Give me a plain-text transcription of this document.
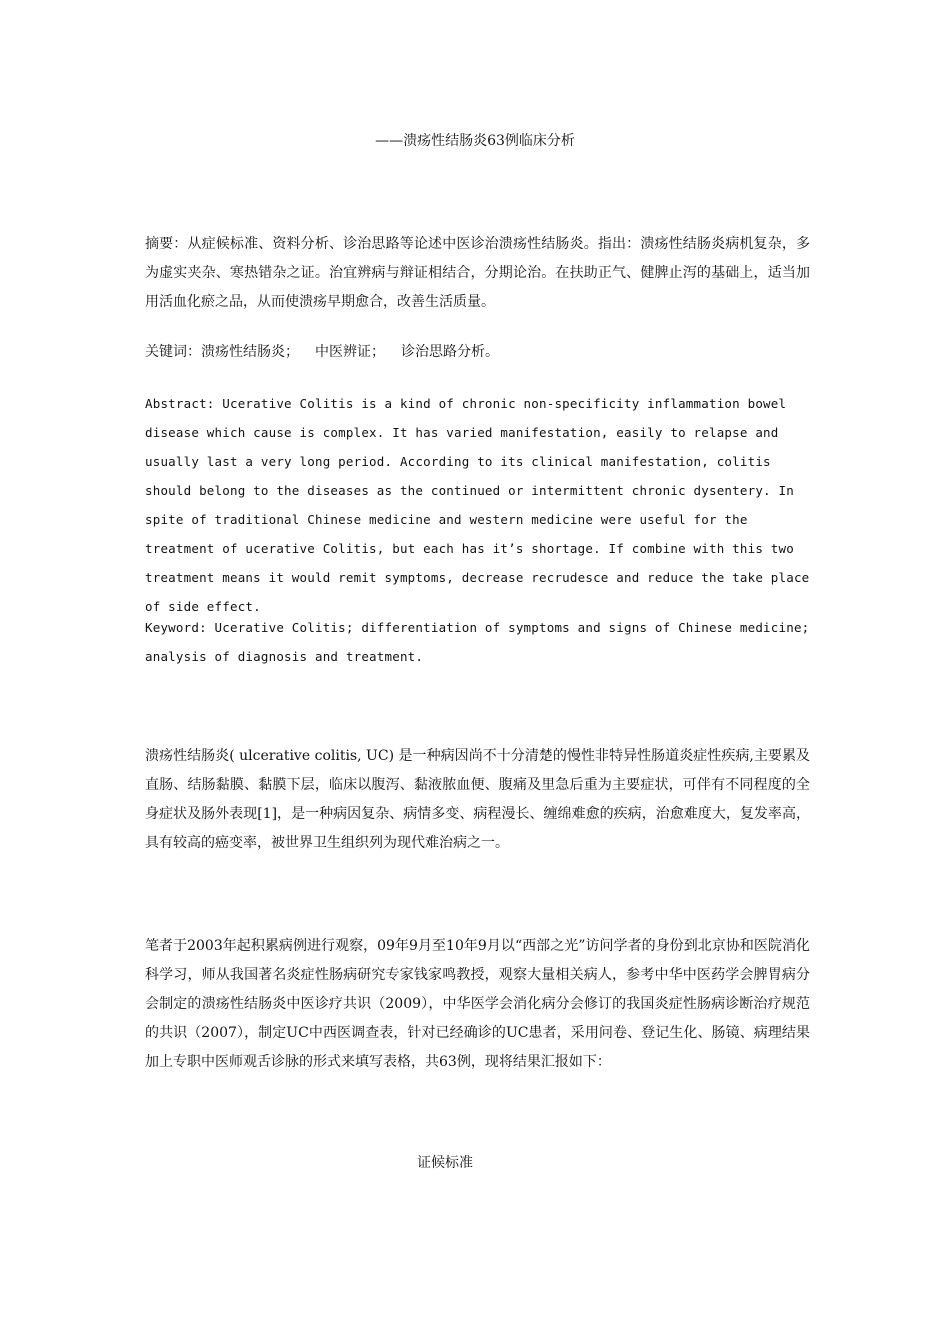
——溃疡性结肠炎63例临床分析

摘要：从症候标准、资料分析、诊治思路等论述中医诊治溃疡性结肠炎。指出：溃疡性结肠炎病机复杂，多为虚实夹杂、寒热错杂之证。治宜辨病与辩证相结合，分期论治。在扶助正气、健脾止泻的基础上，适当加用活血化瘀之品，从而使溃疡早期愈合，改善生活质量。

关键词：溃疡性结肠炎； 中医辨证； 诊治思路分析。

Abstract: Ucerative Colitis is a kind of chronic non-specificity inflammation bowel disease which cause is complex. It has varied manifestation, easily to relapse and usually last a very long period. According to its clinical manifestation, colitis should belong to the diseases as the continued or intermittent chronic dysentery. In spite of traditional Chinese medicine and western medicine were useful for the treatment of ucerative Colitis, but each has it’s shortage. If combine with this two treatment means it would remit symptoms, decrease recrudesce and reduce the take place of side effect.

Keyword: Ucerative Colitis; differentiation of symptoms and signs of Chinese medicine; analysis of diagnosis and treatment.

溃疡性结肠炎( ulcerative colitis, UC) 是一种病因尚不十分清楚的慢性非特异性肠道炎症性疾病,主要累及直肠、结肠黏膜、黏膜下层，临床以腹泻、黏液脓血便、腹痛及里急后重为主要症状，可伴有不同程度的全身症状及肠外表现[1]，是一种病因复杂、病情多变、病程漫长、缠绵难愈的疾病，治愈难度大，复发率高，具有较高的癌变率，被世界卫生组织列为现代难治病之一。

笔者于2003年起积累病例进行观察，09年9月至10年9月以“西部之光”访问学者的身份到北京协和医院消化科学习，师从我国著名炎症性肠病研究专家钱家鸣教授，观察大量相关病人，参考中华中医药学会脾胃病分会制定的溃疡性结肠炎中医诊疗共识（2009），中华医学会消化病分会修订的我国炎症性肠病诊断治疗规范的共识（2007），制定UC中西医调查表，针对已经确诊的UC患者，采用问卷、登记生化、肠镜、病理结果加上专职中医师观舌诊脉的形式来填写表格，共63例，现将结果汇报如下：

证候标准
